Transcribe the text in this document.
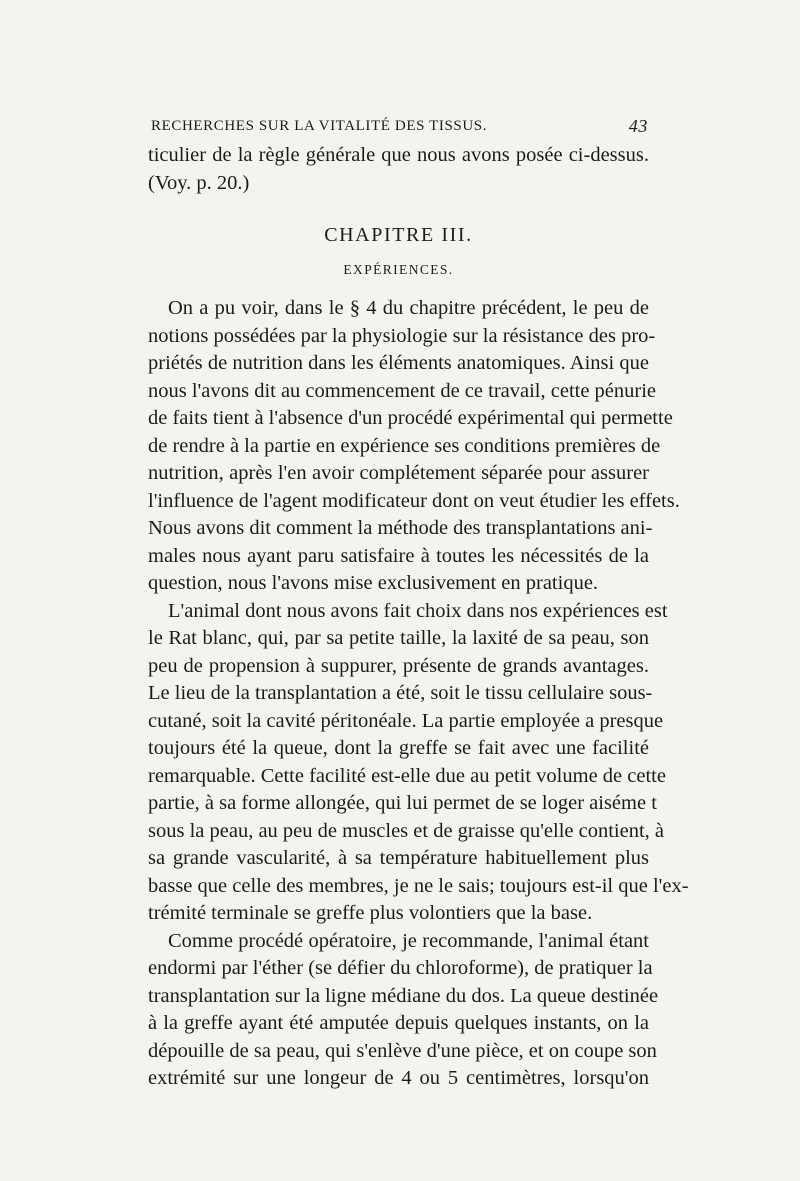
RECHERCHES SUR LA VITALITÉ DES TISSUS.	43
ticulier de la règle générale que nous avons posée ci-dessus.
(Voy. p. 20.)
CHAPITRE III.
EXPÉRIENCES.
On a pu voir, dans le § 4 du chapitre précédent, le peu de
notions possédées par la physiologie sur la résistance des pro-
priétés de nutrition dans les éléments anatomiques. Ainsi que
nous l'avons dit au commencement de ce travail, cette pénurie
de faits tient à l'absence d'un procédé expérimental qui permette
de rendre à la partie en expérience ses conditions premières de
nutrition, après l'en avoir complétement séparée pour assurer
l'influence de l'agent modificateur dont on veut étudier les effets.
Nous avons dit comment la méthode des transplantations ani-
males nous ayant paru satisfaire à toutes les nécessités de la
question, nous l'avons mise exclusivement en pratique.
L'animal dont nous avons fait choix dans nos expériences est
le Rat blanc, qui, par sa petite taille, la laxité de sa peau, son
peu de propension à suppurer, présente de grands avantages.
Le lieu de la transplantation a été, soit le tissu cellulaire sous-
cutané, soit la cavité péritonéale. La partie employée a presque
toujours été la queue, dont la greffe se fait avec une facilité
remarquable. Cette facilité est-elle due au petit volume de cette
partie, à sa forme allongée, qui lui permet de se loger aiséme t
sous la peau, au peu de muscles et de graisse qu'elle contient, à
sa grande vascularité, à sa température habituellement plus
basse que celle des membres, je ne le sais; toujours est-il que l'ex-
trémité terminale se greffe plus volontiers que la base.
Comme procédé opératoire, je recommande, l'animal étant
endormi par l'éther (se défier du chloroforme), de pratiquer la
transplantation sur la ligne médiane du dos. La queue destinée
à la greffe ayant été amputée depuis quelques instants, on la
dépouille de sa peau, qui s'enlève d'une pièce, et on coupe son
extrémité sur une longeur de 4 ou 5 centimètres, lorsqu'on
